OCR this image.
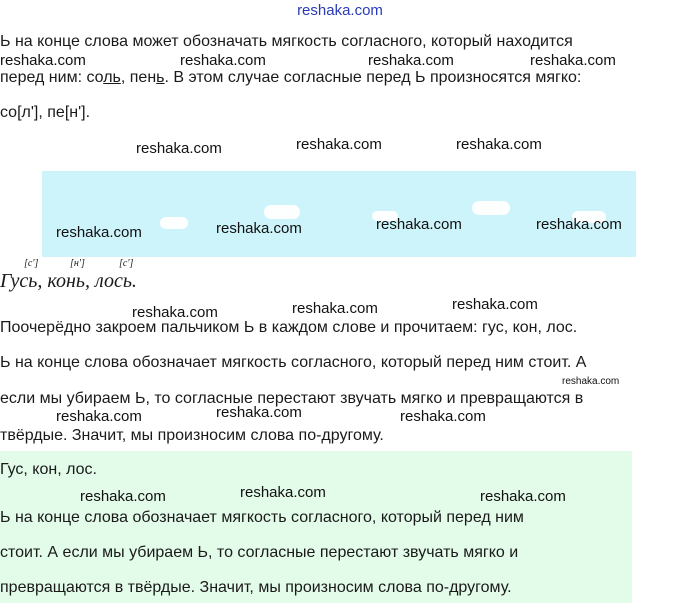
reshaka.com
Ь на конце слова может обозначать мягкость согласного, который находится
перед ним: соль, пень. В этом случае согласные перед Ь произносятся мягко:
со[л'], пе[н'].
[с']	[н']	[с']
Гусь, конь, лось.
Поочерёдно закроем пальчиком Ь в каждом слове и прочитаем: гус, кон, лос.
Ь на конце слова обозначает мягкость согласного, который перед ним стоит. А
если мы убираем Ь, то согласные перестают звучать мягко и превращаются в
твёрдые. Значит, мы произносим слова по-другому.
Гус, кон, лос.
Ь на конце слова обозначает мягкость согласного, который перед ним
стоит. А если мы убираем Ь, то согласные перестают звучать мягко и
превращаются в твёрдые. Значит, мы произносим слова по-другому.
reshaka.com	reshaka.com	reshaka.com	reshaka.com
reshaka.com	reshaka.com	reshaka.com
reshaka.com	reshaka.com	reshaka.com	reshaka.com
reshaka.com	reshaka.com	reshaka.com
reshaka.com
reshaka.com	reshaka.com	reshaka.com
reshaka.com	reshaka.com	reshaka.com
